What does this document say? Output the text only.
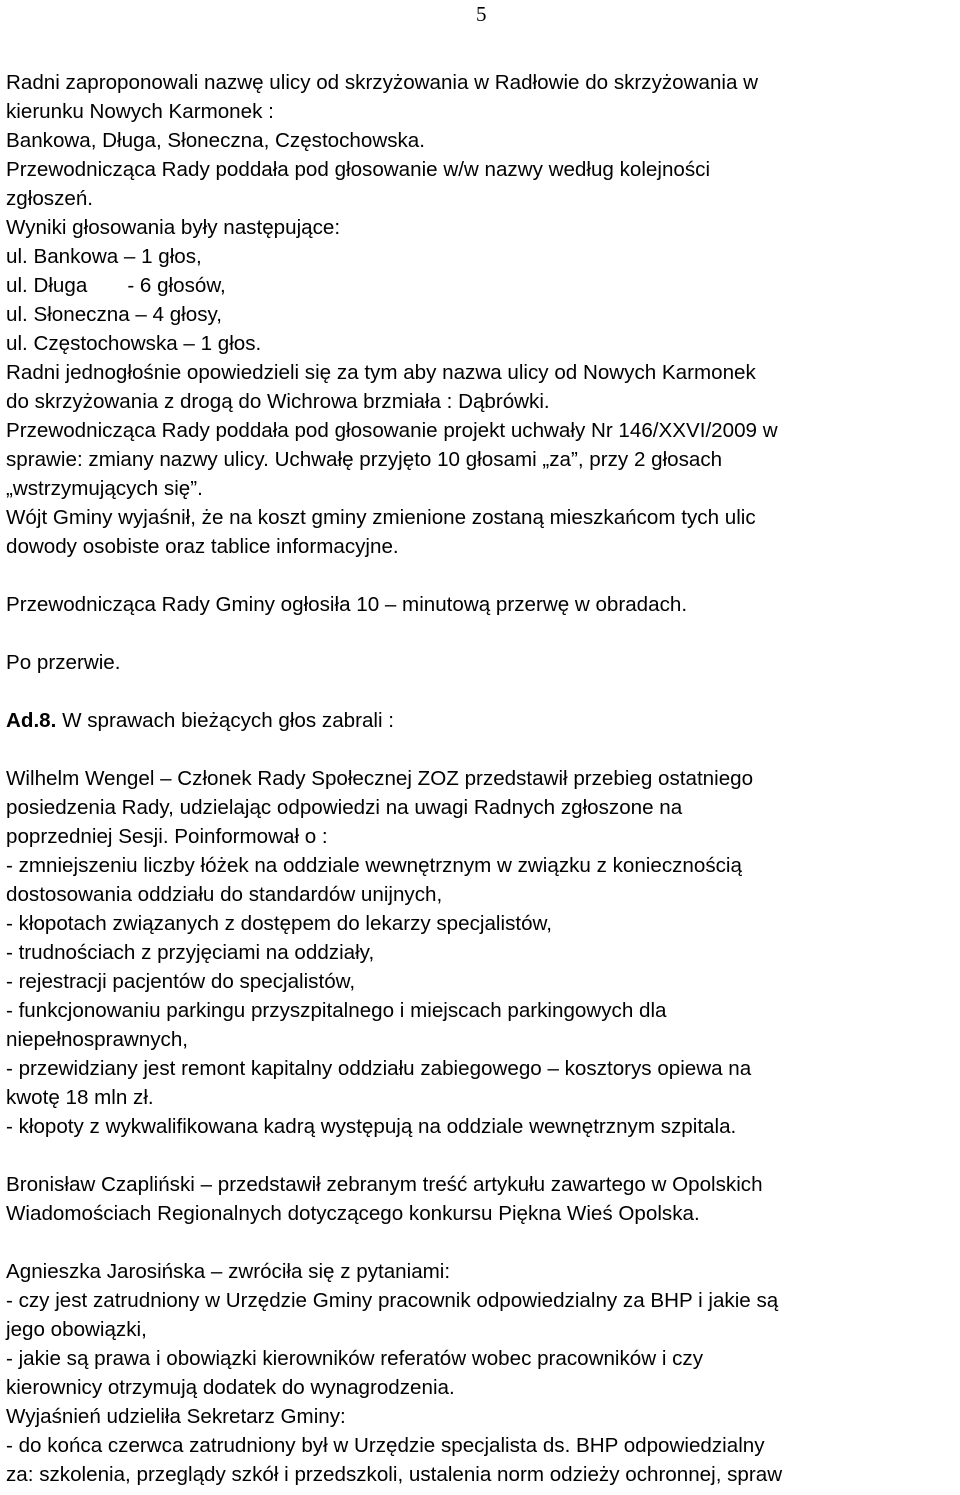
5

Radni zaproponowali nazwę ulicy od skrzyżowania w Radłowie do skrzyżowania w

kierunku Nowych Karmonek :

Bankowa, Długa, Słoneczna, Częstochowska.

Przewodnicząca Rady poddała pod głosowanie w/w nazwy według kolejności

zgłoszeń.

Wyniki głosowania były następujące:

ul. Bankowa – 1 głos,

ul. Długa       - 6 głosów,

ul. Słoneczna – 4 głosy,

ul. Częstochowska – 1 głos.

Radni jednogłośnie opowiedzieli się za tym aby nazwa ulicy od Nowych Karmonek

do skrzyżowania z drogą do Wichrowa brzmiała : Dąbrówki.

Przewodnicząca Rady poddała pod głosowanie projekt uchwały Nr 146/XXVI/2009 w

sprawie: zmiany nazwy ulicy. Uchwałę przyjęto 10 głosami „za”, przy 2 głosach

„wstrzymujących się”.

Wójt Gminy wyjaśnił, że na koszt gminy zmienione zostaną mieszkańcom tych ulic

dowody osobiste oraz tablice informacyjne.

Przewodnicząca Rady Gminy ogłosiła 10 – minutową przerwę w obradach.

Po przerwie.

Ad.8. W sprawach bieżących głos zabrali :

Wilhelm Wengel – Członek Rady Społecznej ZOZ przedstawił przebieg ostatniego

posiedzenia Rady, udzielając odpowiedzi na uwagi Radnych zgłoszone na

poprzedniej Sesji. Poinformował o :

- zmniejszeniu liczby łóżek na oddziale wewnętrznym w związku z koniecznością

dostosowania oddziału do standardów unijnych,

- kłopotach związanych z dostępem do lekarzy specjalistów,

- trudnościach z przyjęciami na oddziały,

- rejestracji pacjentów do specjalistów,

- funkcjonowaniu parkingu przyszpitalnego i miejscach parkingowych dla

niepełnosprawnych,

- przewidziany jest remont kapitalny oddziału zabiegowego – kosztorys opiewa na

kwotę 18 mln zł.

- kłopoty z wykwalifikowana kadrą występują na oddziale wewnętrznym szpitala.

Bronisław Czapliński – przedstawił zebranym treść artykułu zawartego w Opolskich

Wiadomościach Regionalnych dotyczącego konkursu Piękna Wieś Opolska.

Agnieszka Jarosińska – zwróciła się z pytaniami:

- czy jest zatrudniony w Urzędzie Gminy pracownik odpowiedzialny za BHP i jakie są

jego obowiązki,

- jakie są prawa i obowiązki kierowników referatów wobec pracowników i czy

kierownicy otrzymują dodatek do wynagrodzenia.

Wyjaśnień udzieliła Sekretarz Gminy:

- do końca czerwca zatrudniony był w Urzędzie specjalista ds. BHP odpowiedzialny

za: szkolenia, przeglądy szkół i przedszkoli, ustalenia norm odzieży ochronnej, spraw
